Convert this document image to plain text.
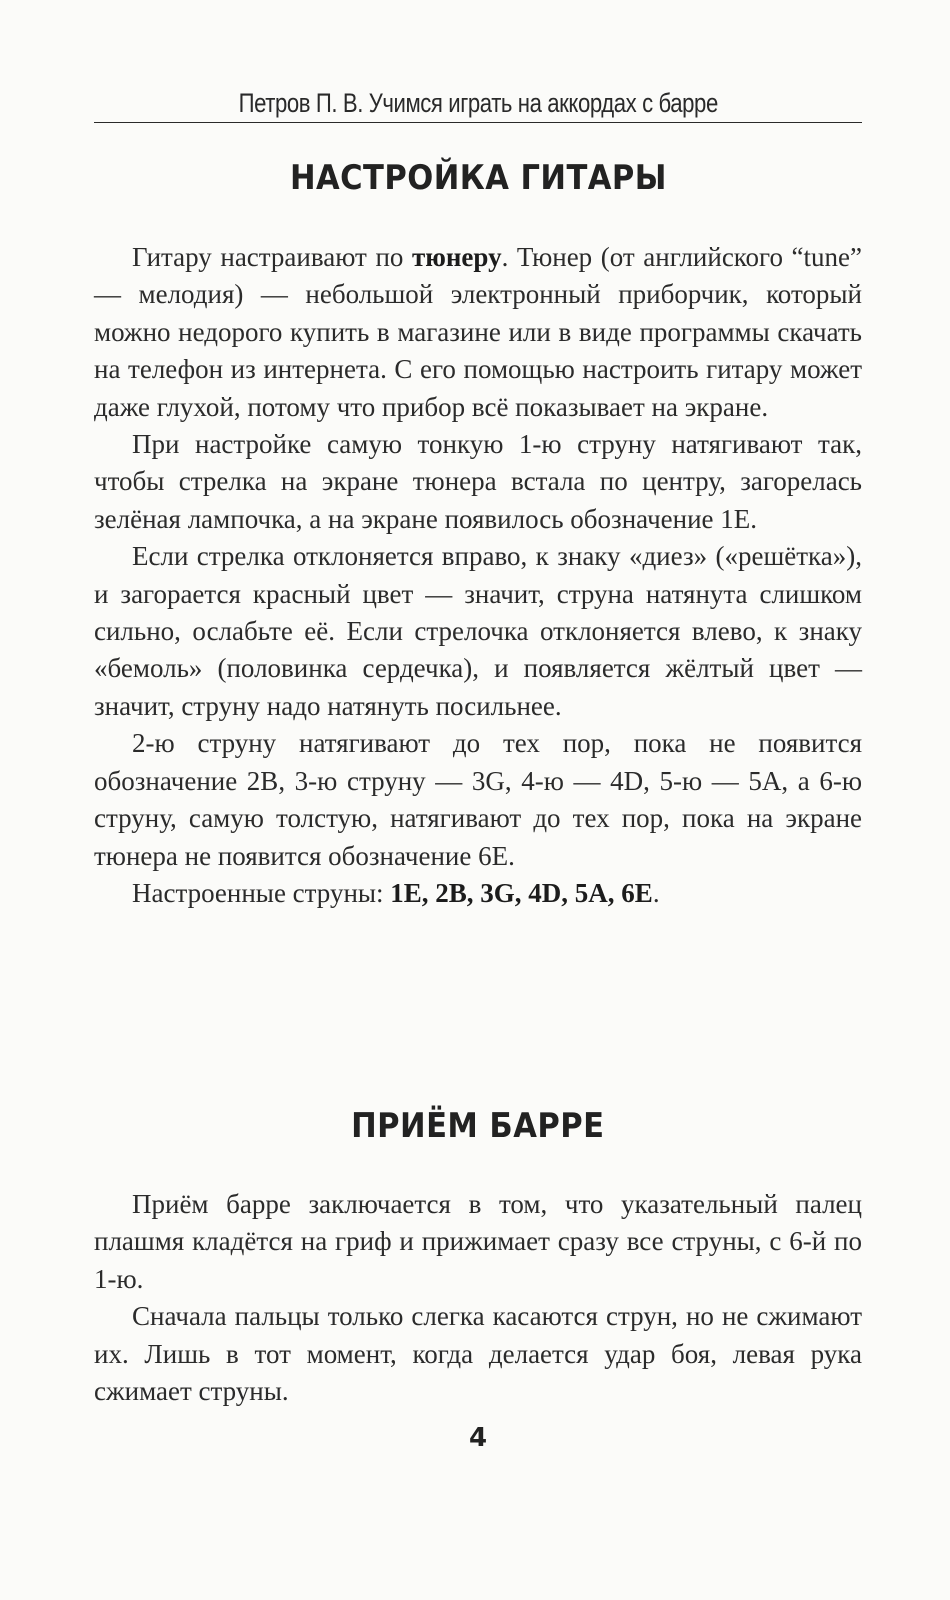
Петров П. В. Учимся играть на аккордах с барре
НАСТРОЙКА ГИТАРЫ

Гитару настраивают по тюнеру. Тюнер (от английского “tune” — мелодия) — небольшой электронный приборчик, который можно недорого купить в магазине или в виде программы скачать на телефон из интернета. С его помощью настроить гитару может даже глухой, потому что прибор всё показывает на экране.

При настройке самую тонкую 1-ю струну натягивают так, чтобы стрелка на экране тюнера встала по центру, загорелась зелёная лампочка, а на экране появилось обозначение 1E.

Если стрелка отклоняется вправо, к знаку «диез» («решётка»), и загорается красный цвет — значит, струна натянута слишком сильно, ослабьте её. Если стрелочка отклоняется влево, к знаку «бемоль» (половинка сердечка), и появляется жёлтый цвет — значит, струну надо натянуть посильнее.

2-ю струну натягивают до тех пор, пока не появится обозначение 2B, 3-ю струну — 3G, 4-ю — 4D, 5-ю — 5A, а 6-ю струну, самую толстую, натягивают до тех пор, пока на экране тюнера не появится обозначение 6E.

Настроенные струны: 1E, 2B, 3G, 4D, 5A, 6E.

ПРИЁМ БАРРЕ

Приём барре заключается в том, что указательный палец плашмя кладётся на гриф и прижимает сразу все струны, с 6-й по 1-ю.

Сначала пальцы только слегка касаются струн, но не сжимают их. Лишь в тот момент, когда делается удар боя, левая рука сжимает струны.

4
